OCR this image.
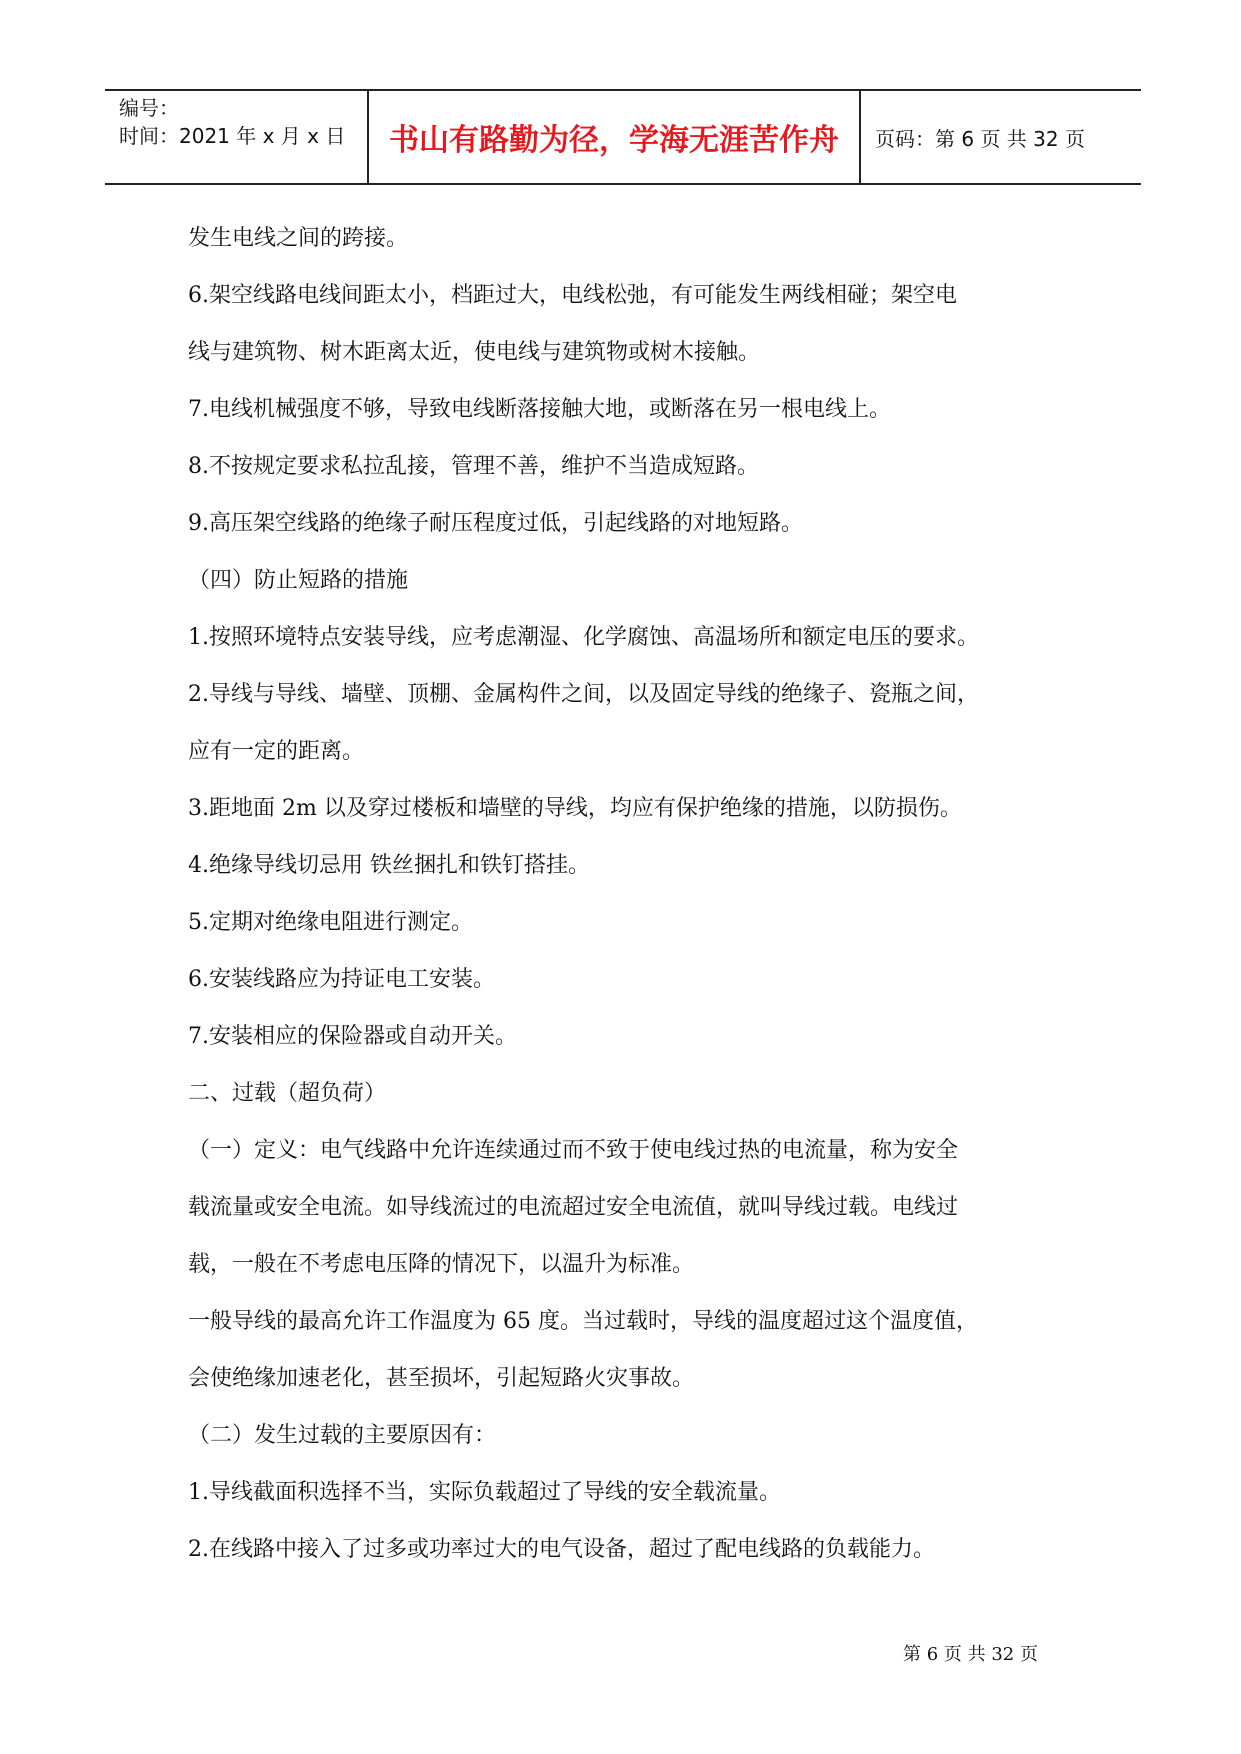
编号：
时间：2021 年 x 月 x 日	书山有路勤为径，学海无涯苦作舟	页码：第 6 页 共 32 页

发生电线之间的跨接。

6.架空线路电线间距太小，档距过大，电线松弛，有可能发生两线相碰；架空电

线与建筑物、树木距离太近，使电线与建筑物或树木接触。

7.电线机械强度不够，导致电线断落接触大地，或断落在另一根电线上。

8.不按规定要求私拉乱接，管理不善，维护不当造成短路。

9.高压架空线路的绝缘子耐压程度过低，引起线路的对地短路。

（四）防止短路的措施

1.按照环境特点安装导线，应考虑潮湿、化学腐蚀、高温场所和额定电压的要求。

2.导线与导线、墙壁、顶棚、金属构件之间，以及固定导线的绝缘子、瓷瓶之间，

应有一定的距离。

3.距地面 2m 以及穿过楼板和墙壁的导线，均应有保护绝缘的措施，以防损伤。

4.绝缘导线切忌用 铁丝捆扎和铁钉搭挂。

5.定期对绝缘电阻进行测定。

6.安装线路应为持证电工安装。

7.安装相应的保险器或自动开关。

二、过载（超负荷）

（一）定义：电气线路中允许连续通过而不致于使电线过热的电流量，称为安全

载流量或安全电流。如导线流过的电流超过安全电流值，就叫导线过载。电线过

载，一般在不考虑电压降的情况下，以温升为标准。

一般导线的最高允许工作温度为 65 度。当过载时，导线的温度超过这个温度值，

会使绝缘加速老化，甚至损坏，引起短路火灾事故。

（二）发生过载的主要原因有：

1.导线截面积选择不当，实际负载超过了导线的安全载流量。

2.在线路中接入了过多或功率过大的电气设备，超过了配电线路的负载能力。

第 6 页 共 32 页
